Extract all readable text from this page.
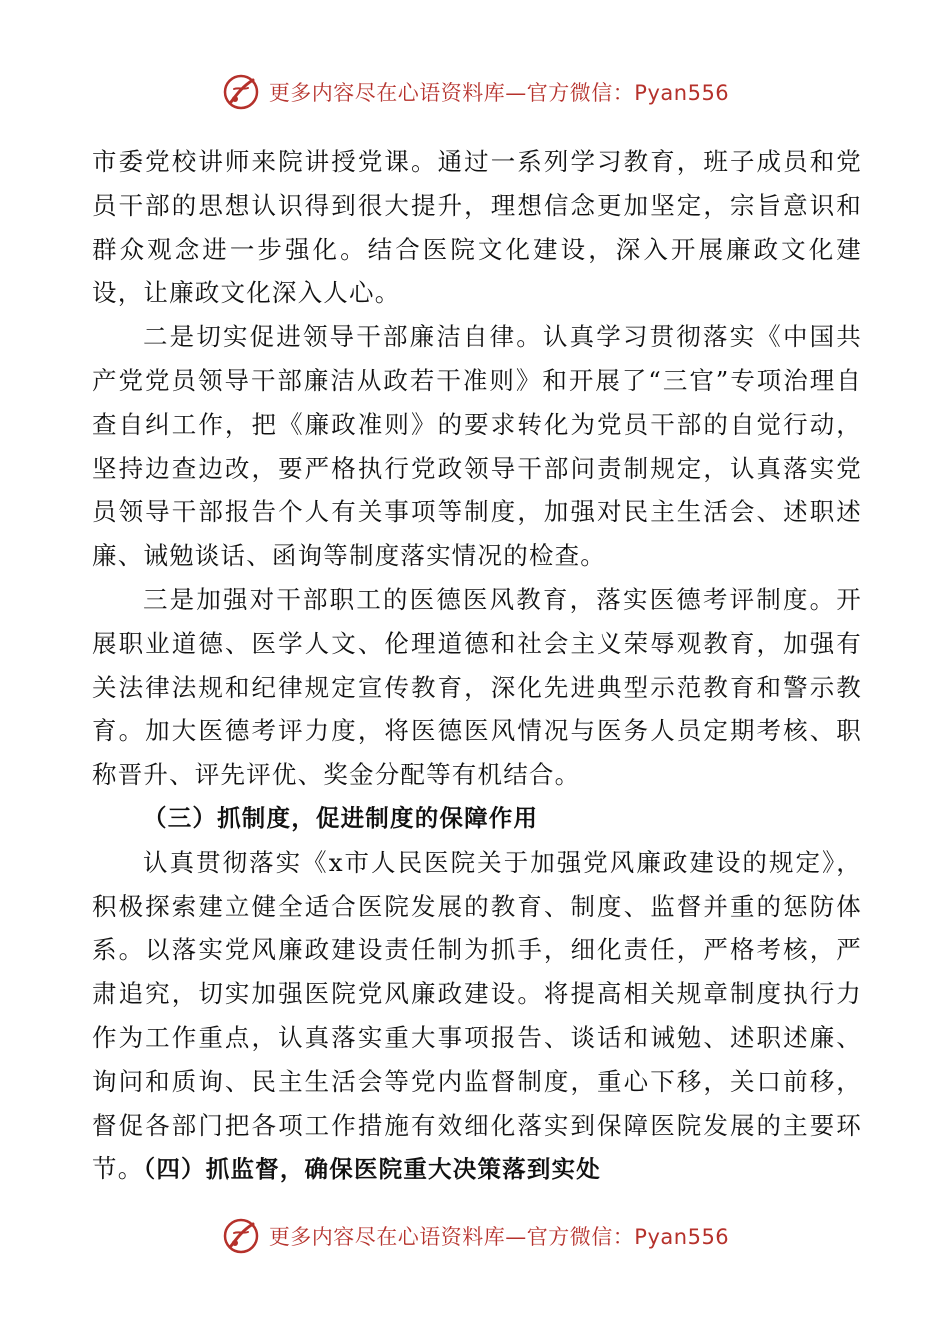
更多内容尽在心语资料库—官方微信：Pyan556

市委党校讲师来院讲授党课。通过一系列学习教育，班子成员和党员干部的思想认识得到很大提升，理想信念更加坚定，宗旨意识和群众观念进一步强化。结合医院文化建设，深入开展廉政文化建设，让廉政文化深入人心。

二是切实促进领导干部廉洁自律。认真学习贯彻落实《中国共产党党员领导干部廉洁从政若干准则》和开展了“三官”专项治理自查自纠工作，把《廉政准则》的要求转化为党员干部的自觉行动，坚持边查边改，要严格执行党政领导干部问责制规定，认真落实党员领导干部报告个人有关事项等制度，加强对民主生活会、述职述廉、诫勉谈话、函询等制度落实情况的检查。

三是加强对干部职工的医德医风教育，落实医德考评制度。开展职业道德、医学人文、伦理道德和社会主义荣辱观教育，加强有关法律法规和纪律规定宣传教育，深化先进典型示范教育和警示教育。加大医德考评力度，将医德医风情况与医务人员定期考核、职称晋升、评先评优、奖金分配等有机结合。

（三）抓制度，促进制度的保障作用

认真贯彻落实《x市人民医院关于加强党风廉政建设的规定》，积极探索建立健全适合医院发展的教育、制度、监督并重的惩防体系。以落实党风廉政建设责任制为抓手，细化责任，严格考核，严肃追究，切实加强医院党风廉政建设。将提高相关规章制度执行力作为工作重点，认真落实重大事项报告、谈话和诫勉、述职述廉、询问和质询、民主生活会等党内监督制度，重心下移，关口前移，督促各部门把各项工作措施有效细化落实到保障医院发展的主要环节。（四）抓监督，确保医院重大决策落到实处

更多内容尽在心语资料库—官方微信：Pyan556
